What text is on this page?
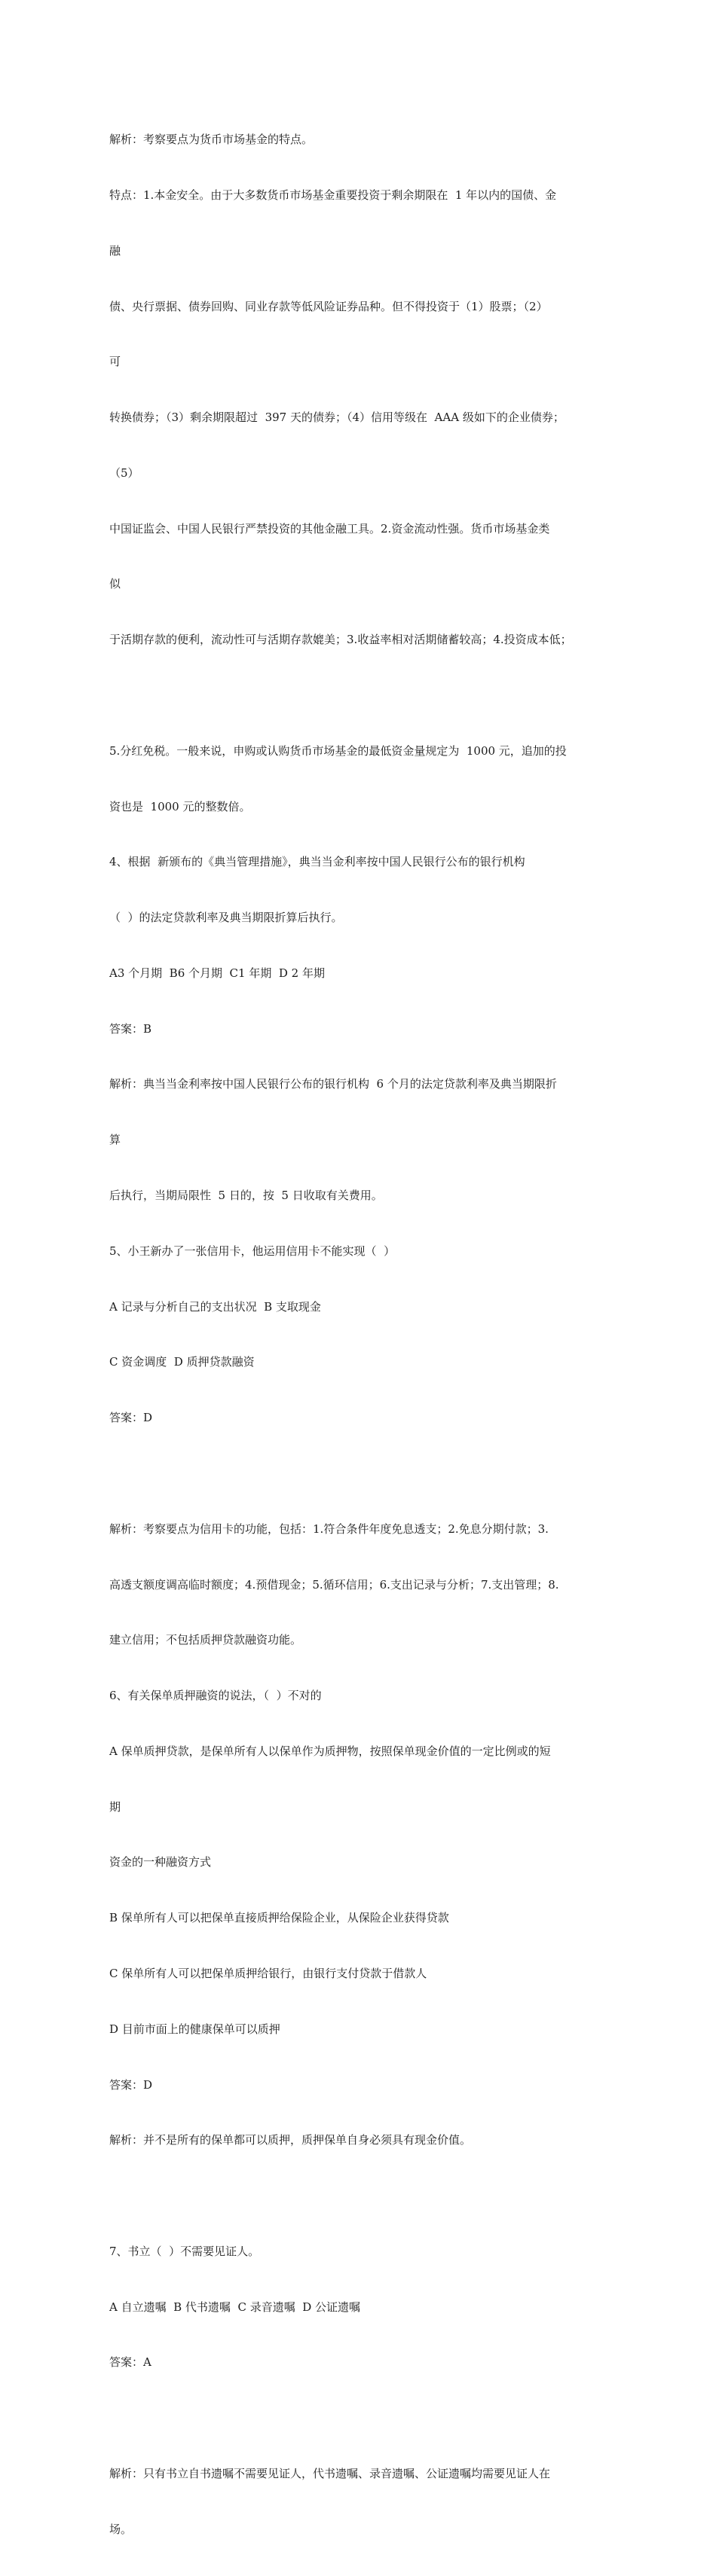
解析：考察要点为货币市场基金的特点。

特点：1.本金安全。由于大多数货币市场基金重要投资于剩余期限在  1 年以内的国债、金

融

债、央行票据、债券回购、同业存款等低风险证券品种。但不得投资于（1）股票；（2）

可

转换债券；（3）剩余期限超过  397 天的债券；（4）信用等级在  AAA 级如下的企业债券；

（5）

中国证监会、中国人民银行严禁投资的其他金融工具。2.资金流动性强。货币市场基金类

似

于活期存款的便利，流动性可与活期存款媲美；3.收益率相对活期储蓄较高；4.投资成本低；

5.分红免税。一般来说，申购或认购货币市场基金的最低资金量规定为  1000 元，追加的投

资也是  1000 元的整数倍。

4、根据  新颁布的《典当管理措施》，典当当金利率按中国人民银行公布的银行机构

（  ）的法定贷款利率及典当期限折算后执行。

A3 个月期  B6 个月期  C1 年期  D 2 年期

答案：B

解析：典当当金利率按中国人民银行公布的银行机构  6 个月的法定贷款利率及典当期限折

算

后执行，当期局限性  5 日的，按  5 日收取有关费用。

5、小王新办了一张信用卡，他运用信用卡不能实现（  ）

A 记录与分析自己的支出状况  B 支取现金

C 资金调度  D 质押贷款融资

答案：D

解析：考察要点为信用卡的功能，包括：1.符合条件年度免息透支；2.免息分期付款；3.

高透支额度调高临时额度；4.预借现金；5.循环信用；6.支出记录与分析；7.支出管理；8.

建立信用；不包括质押贷款融资功能。

6、有关保单质押融资的说法，（  ）不对的

A 保单质押贷款，是保单所有人以保单作为质押物，按照保单现金价值的一定比例或的短

期

资金的一种融资方式

B 保单所有人可以把保单直接质押给保险企业，从保险企业获得贷款

C 保单所有人可以把保单质押给银行，由银行支付贷款于借款人

D 目前市面上的健康保单可以质押

答案：D

解析：并不是所有的保单都可以质押，质押保单自身必须具有现金价值。

7、书立（  ）不需要见证人。

A 自立遗嘱  B 代书遗嘱  C 录音遗嘱  D 公证遗嘱

答案：A

解析：只有书立自书遗嘱不需要见证人，代书遗嘱、录音遗嘱、公证遗嘱均需要见证人在

场。
